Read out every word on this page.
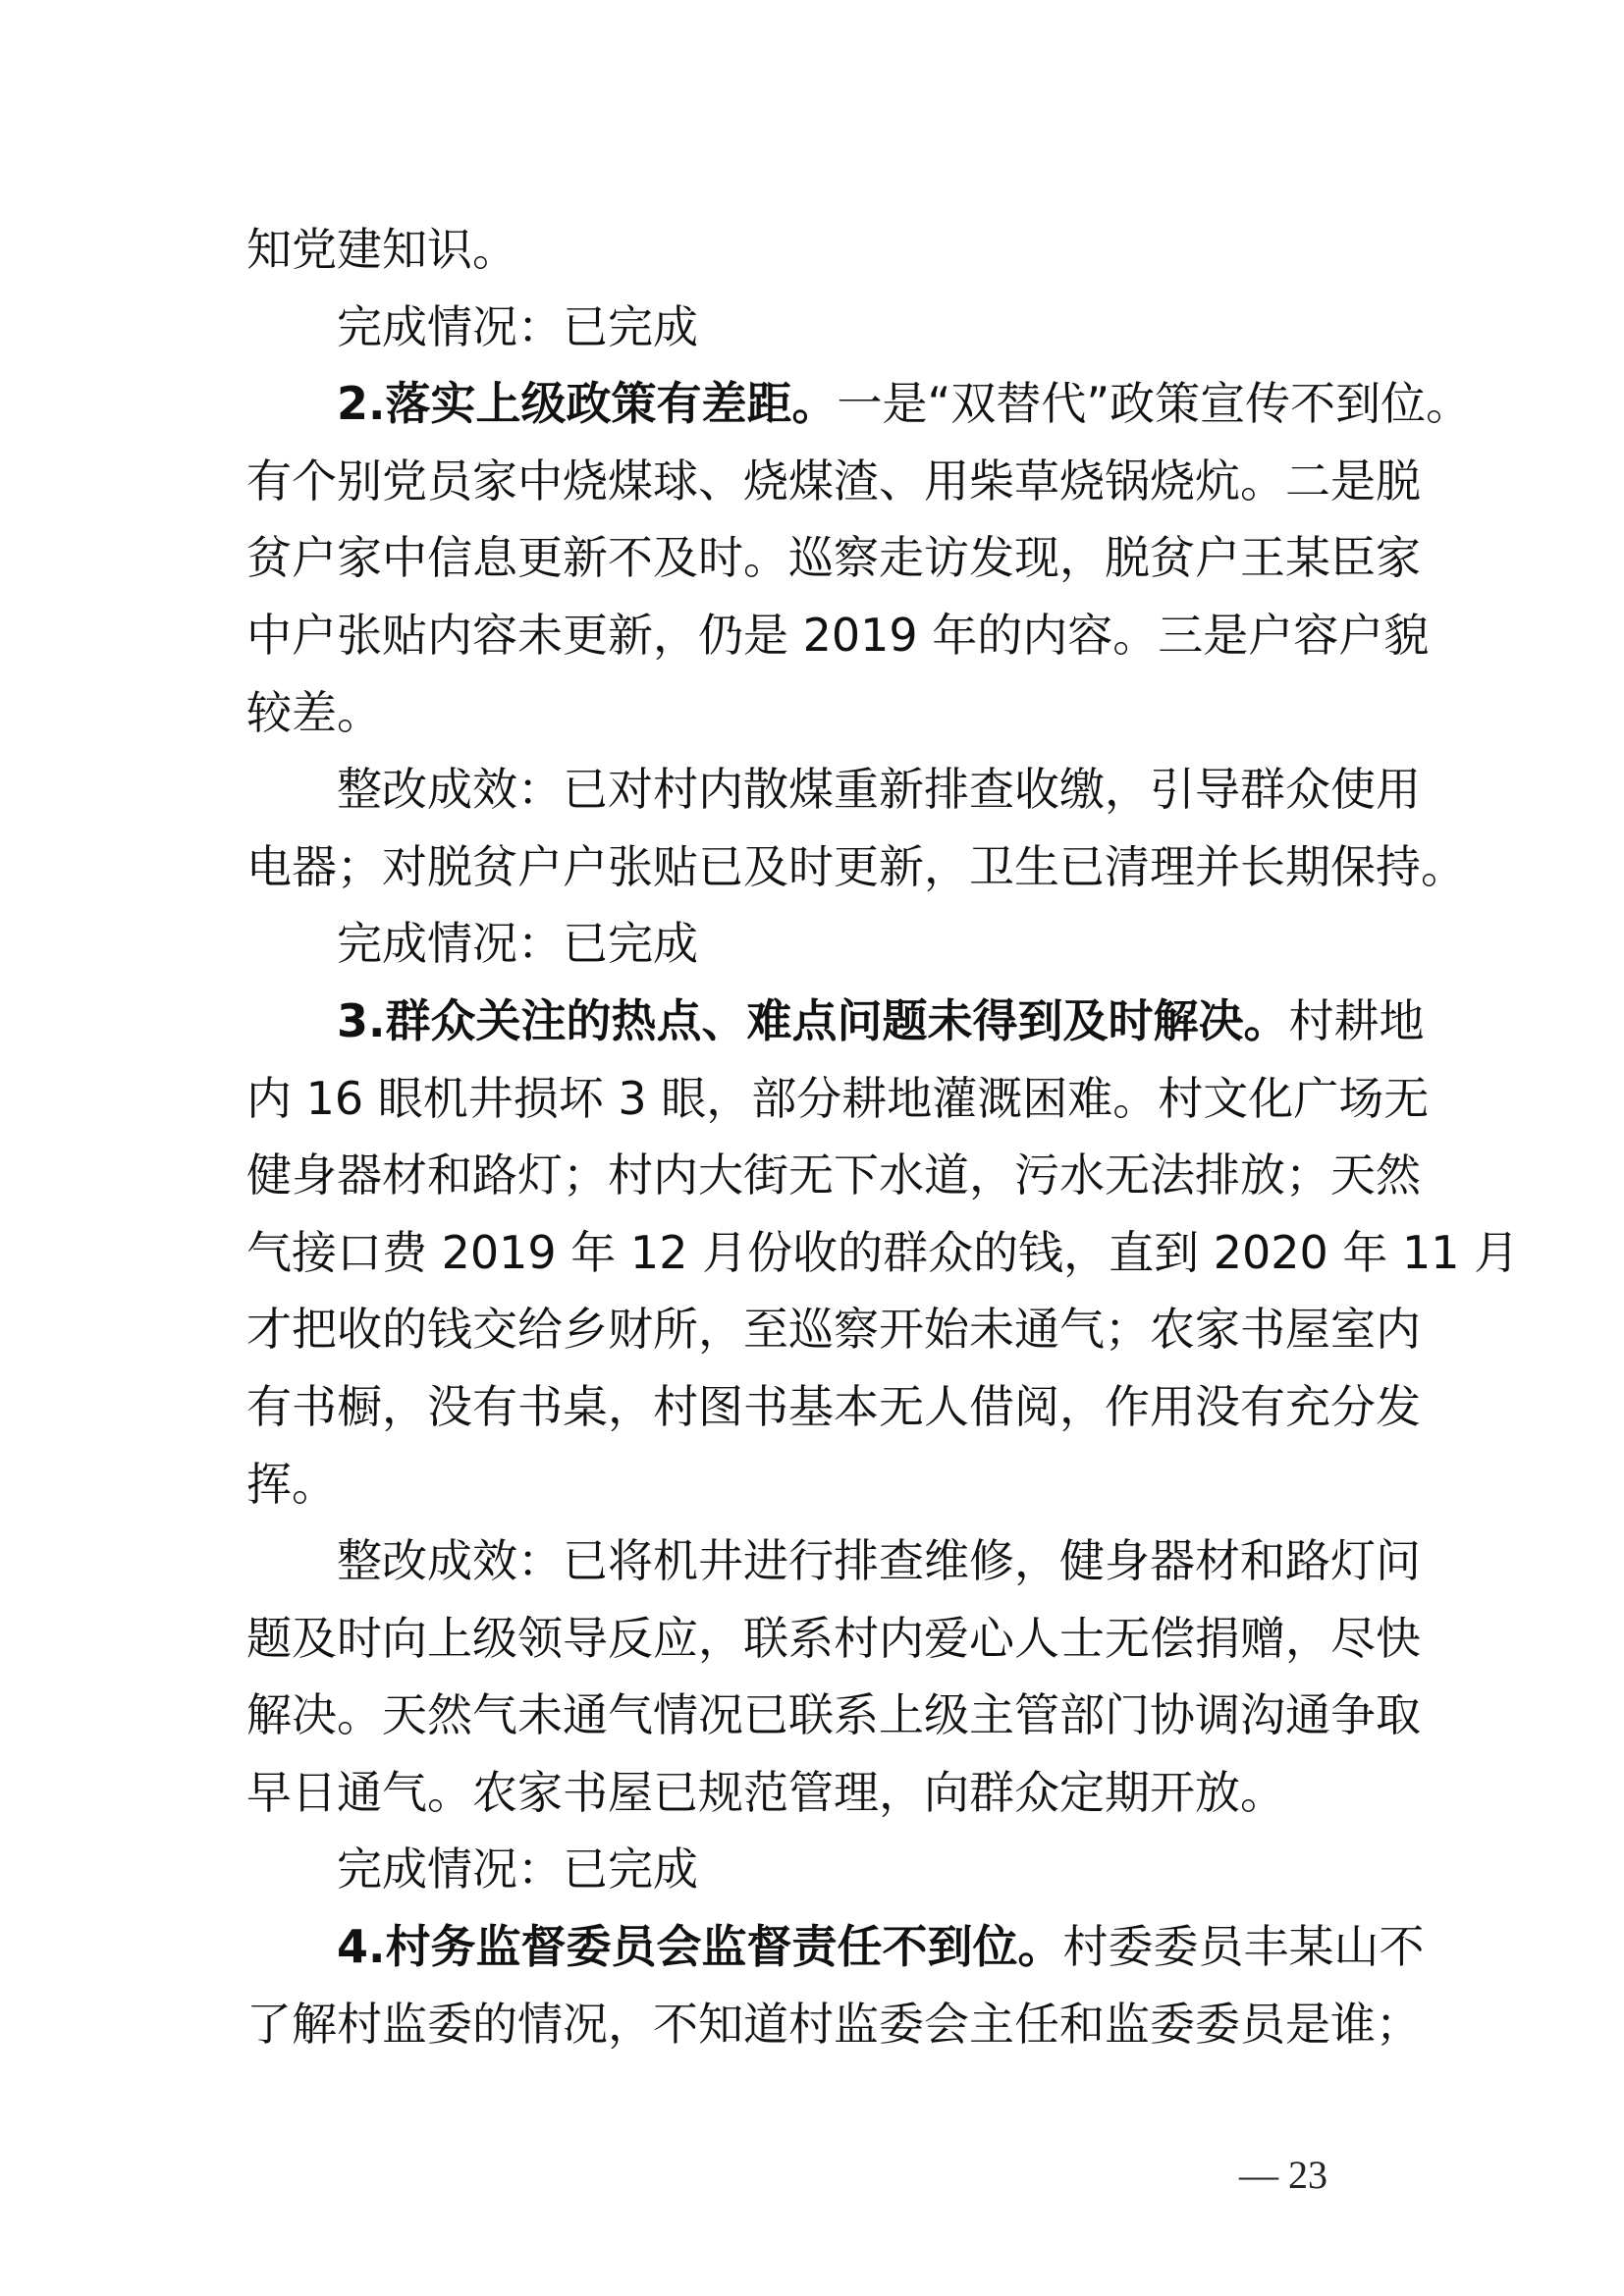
知党建知识。
完成情况：已完成
2.落实上级政策有差距。一是“双替代”政策宣传不到位。
有个别党员家中烧煤球、烧煤渣、用柴草烧锅烧炕。二是脱
贫户家中信息更新不及时。巡察走访发现，脱贫户王某臣家
中户张贴内容未更新，仍是 2019 年的内容。三是户容户貌
较差。
整改成效：已对村内散煤重新排查收缴，引导群众使用
电器；对脱贫户户张贴已及时更新，卫生已清理并长期保持。
完成情况：已完成
3.群众关注的热点、难点问题未得到及时解决。村耕地
内 16 眼机井损坏 3 眼，部分耕地灌溉困难。村文化广场无
健身器材和路灯；村内大街无下水道，污水无法排放；天然
气接口费 2019 年 12 月份收的群众的钱，直到 2020 年 11 月
才把收的钱交给乡财所，至巡察开始未通气；农家书屋室内
有书橱，没有书桌，村图书基本无人借阅，作用没有充分发
挥。
整改成效：已将机井进行排查维修，健身器材和路灯问
题及时向上级领导反应，联系村内爱心人士无偿捐赠，尽快
解决。天然气未通气情况已联系上级主管部门协调沟通争取
早日通气。农家书屋已规范管理，向群众定期开放。
完成情况：已完成
4.村务监督委员会监督责任不到位。村委委员丰某山不
了解村监委的情况，不知道村监委会主任和监委委员是谁；
— 23
